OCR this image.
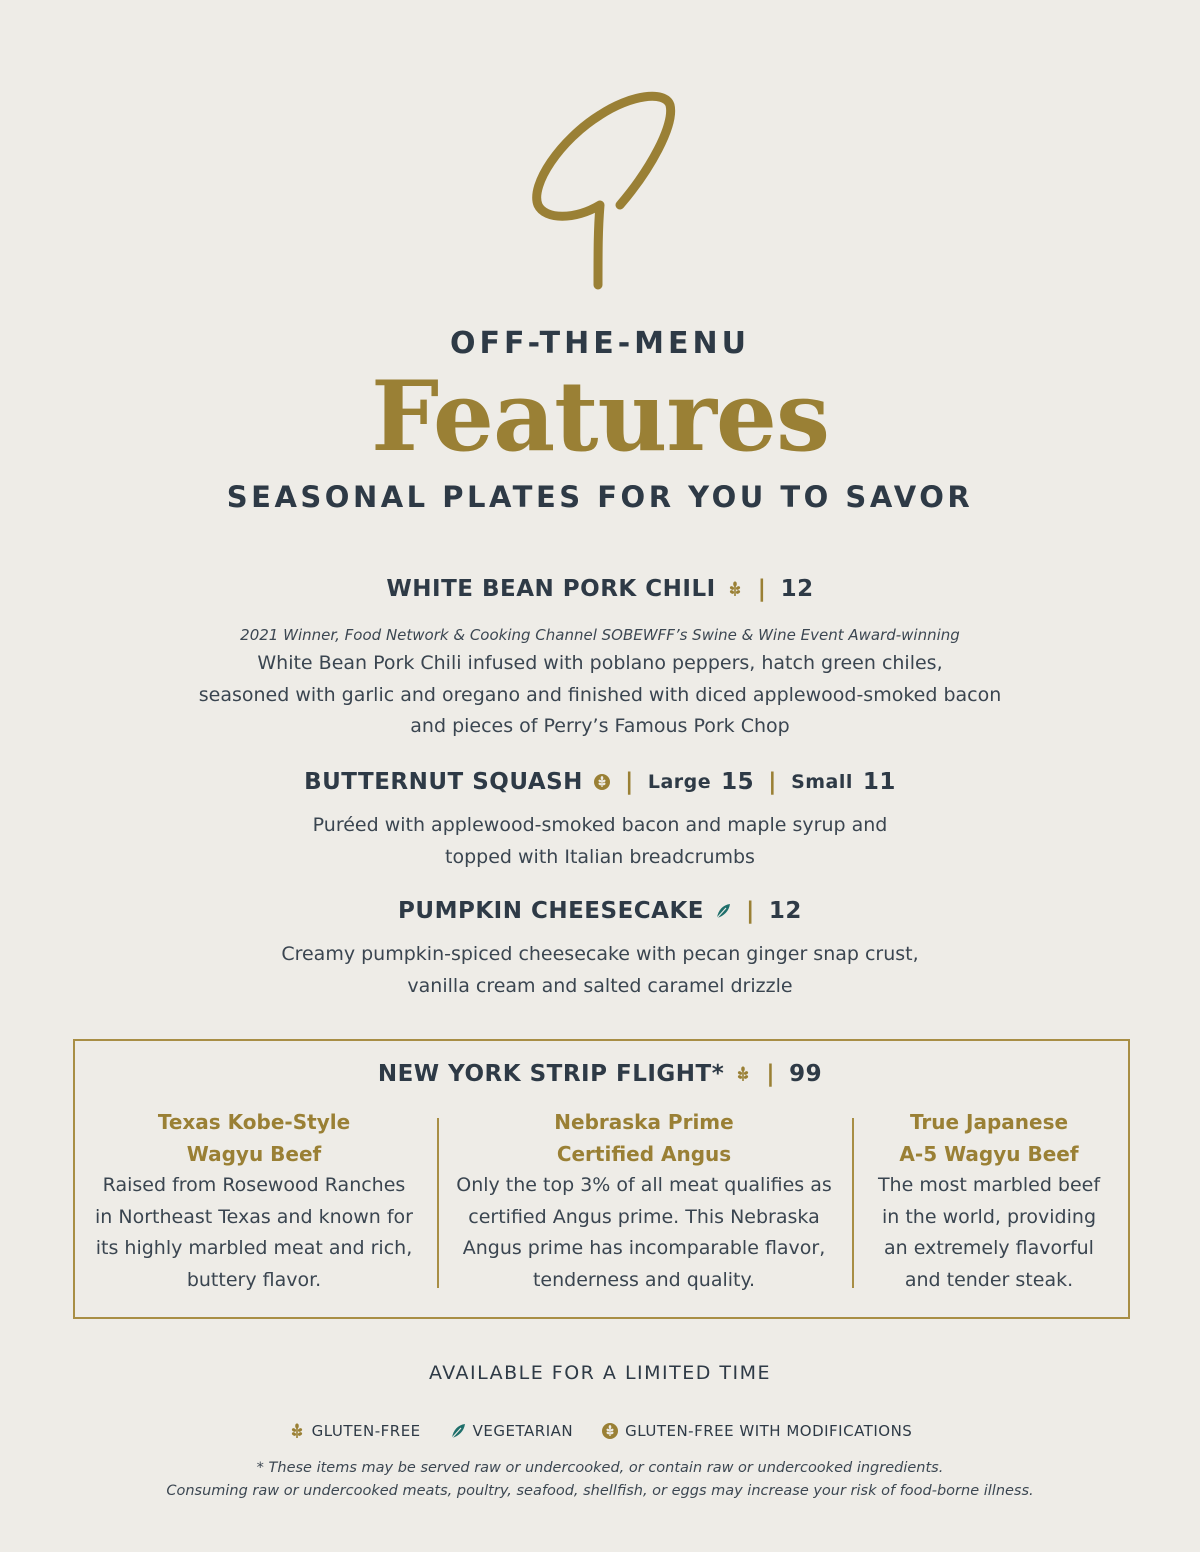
OFF-THE-MENU
Features
SEASONAL PLATES FOR YOU TO SAVOR
WHITE BEAN PORK CHILI | 12
2021 Winner, Food Network & Cooking Channel SOBEWFF’s Swine & Wine Event Award-winning
White Bean Pork Chili infused with poblano peppers, hatch green chiles,
seasoned with garlic and oregano and finished with diced applewood-smoked bacon
and pieces of Perry’s Famous Pork Chop
BUTTERNUT SQUASH | Large 15 | Small 11
Puréed with applewood-smoked bacon and maple syrup and
topped with Italian breadcrumbs
PUMPKIN CHEESECAKE | 12
Creamy pumpkin-spiced cheesecake with pecan ginger snap crust,
vanilla cream and salted caramel drizzle
NEW YORK STRIP FLIGHT* | 99
Texas Kobe-Style
Wagyu Beef
Raised from Rosewood Ranches
in Northeast Texas and known for
its highly marbled meat and rich,
buttery flavor.
Nebraska Prime
Certified Angus
Only the top 3% of all meat qualifies as
certified Angus prime. This Nebraska
Angus prime has incomparable flavor,
tenderness and quality.
True Japanese
A-5 Wagyu Beef
The most marbled beef
in the world, providing
an extremely flavorful
and tender steak.
AVAILABLE FOR A LIMITED TIME
GLUTEN-FREE	VEGETARIAN	GLUTEN-FREE WITH MODIFICATIONS
* These items may be served raw or undercooked, or contain raw or undercooked ingredients.
Consuming raw or undercooked meats, poultry, seafood, shellfish, or eggs may increase your risk of food-borne illness.
